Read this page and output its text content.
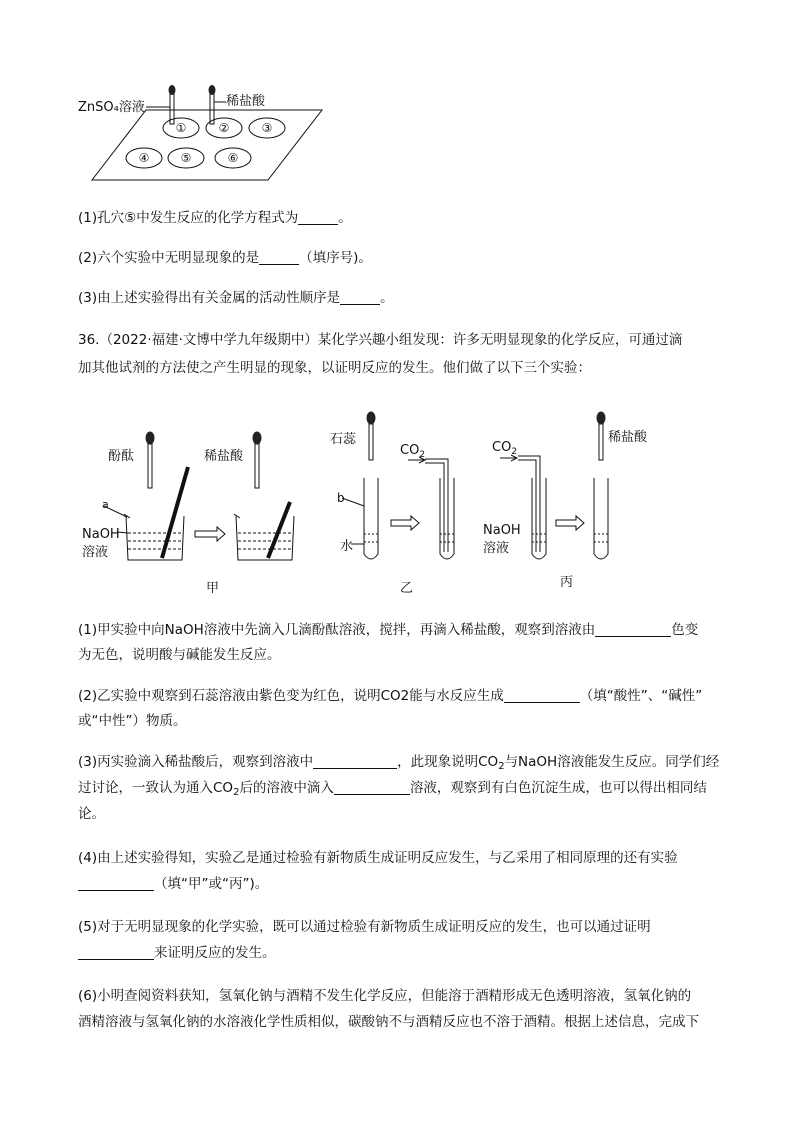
①	②	③
④	⑤	⑥
ZnSO₄溶液	稀盐酸
(1)孔穴⑤中发生反应的化学方程式为	。
(2)六个实验中无明显现象的是	（填序号)。
(3)由上述实验得出有关金属的活动性顺序是	。
36.（2022·福建·文博中学九年级期中）某化学兴趣小组发现：许多无明显现象的化学反应，可通过滴
加其他试剂的方法使之产生明显的现象，以证明反应的发生。他们做了以下三个实验：
酚酞	稀盐酸
a
NaOH
溶液
甲
石蕊
$CO_2$
b
水
乙
$CO_2$
稀盐酸
NaOH
溶液
丙
(1)甲实验中向NaOH溶液中先滴入几滴酚酞溶液，搅拌，再滴入稀盐酸，观察到溶液由	色变
为无色，说明酸与碱能发生反应。
(2)乙实验中观察到石蕊溶液由紫色变为红色，说明CO2能与水反应生成	（填“酸性”、“碱性”
或“中性”）物质。
(3)丙实验滴入稀盐酸后，观察到溶液中	，此现象说明$CO_2$与NaOH溶液能发生反应。同学们经
过讨论，一致认为通入$CO_2$后的溶液中滴入	溶液，观察到有白色沉淀生成，也可以得出相同结
论。
(4)由上述实验得知，实验乙是通过检验有新物质生成证明反应发生，与乙采用了相同原理的还有实验
（填“甲”或“丙”)。
(5)对于无明显现象的化学实验，既可以通过检验有新物质生成证明反应的发生，也可以通过证明
来证明反应的发生。
(6)小明查阅资料获知，氢氧化钠与酒精不发生化学反应，但能溶于酒精形成无色透明溶液，氢氧化钠的
酒精溶液与氢氧化钠的水溶液化学性质相似，碳酸钠不与酒精反应也不溶于酒精。根据上述信息，完成下
